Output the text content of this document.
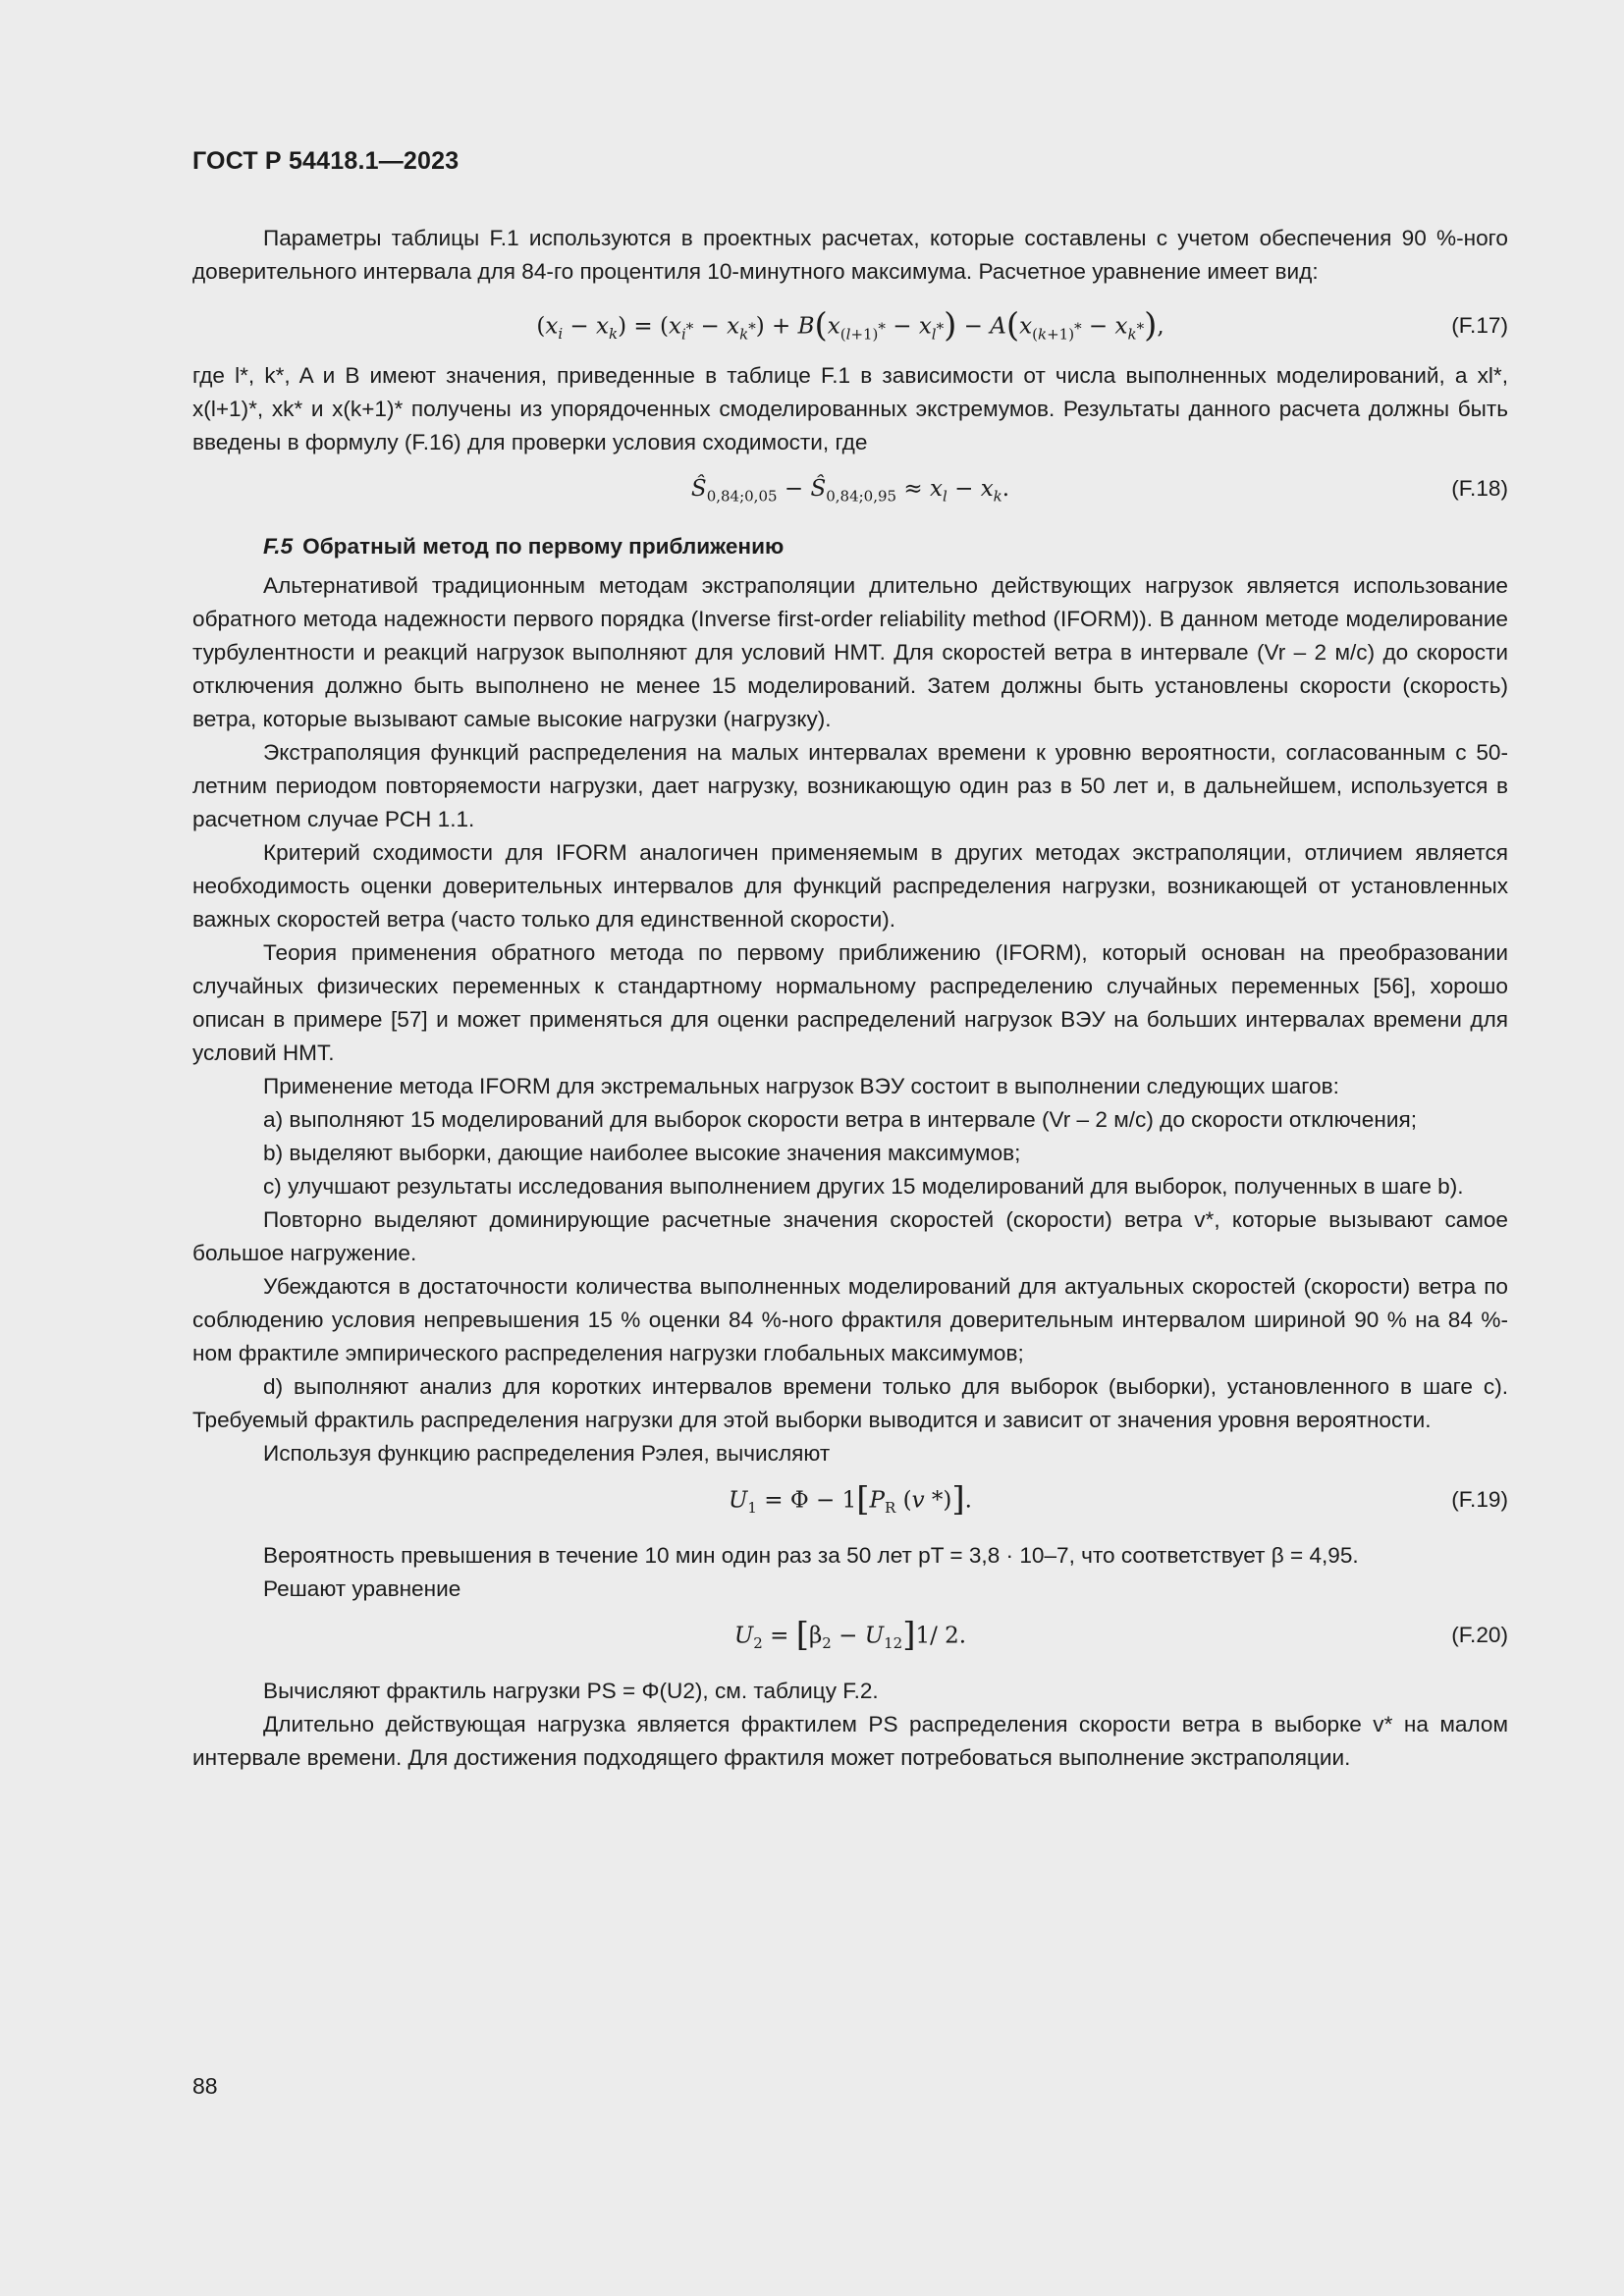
ГОСТ Р 54418.1—2023

Параметры таблицы F.1 используются в проектных расчетах, которые составлены с учетом обеспечения 90 %-ного доверительного интервала для 84-го процентиля 10-минутного максимума. Расчетное уравнение имеет вид:

$(x_i - x_k) = (x_{i^*} - x_{k^*}) + B(x_{(l+1)^*} - x_{l^*}) - A(x_{(k+1)^*} - x_{k^*})$,	(F.17)

где l*, k*, A и B имеют значения, приведенные в таблице F.1 в зависимости от числа выполненных моделирований, а xl*, x(l+1)*, xk* и x(k+1)* получены из упорядоченных смоделированных экстремумов. Результаты данного расчета должны быть введены в формулу (F.16) для проверки условия сходимости, где

$Ŝ_{0,84;0,05}$ − $Ŝ_{0,84;0,95} \approx x_l - x_k$.	(F.18)
F.5 Обратный метод по первому приближению

Альтернативой традиционным методам экстраполяции длительно действующих нагрузок является использование обратного метода надежности первого порядка (Inverse first-order reliability method (IFORM)). В данном методе моделирование турбулентности и реакций нагрузок выполняют для условий НМТ. Для скоростей ветра в интервале (Vr – 2 м/с) до скорости отключения должно быть выполнено не менее 15 моделирований. Затем должны быть установлены скорости (скорость) ветра, которые вызывают самые высокие нагрузки (нагрузку).

Экстраполяция функций распределения на малых интервалах времени к уровню вероятности, согласованным с 50-летним периодом повторяемости нагрузки, дает нагрузку, возникающую один раз в 50 лет и, в дальнейшем, используется в расчетном случае РСН 1.1.

Критерий сходимости для IFORM аналогичен применяемым в других методах экстраполяции, отличием является необходимость оценки доверительных интервалов для функций распределения нагрузки, возникающей от установленных важных скоростей ветра (часто только для единственной скорости).

Теория применения обратного метода по первому приближению (IFORM), который основан на преобразовании случайных физических переменных к стандартному нормальному распределению случайных переменных [56], хорошо описан в примере [57] и может применяться для оценки распределений нагрузок ВЭУ на больших интервалах времени для условий НМТ.

Применение метода IFORM для экстремальных нагрузок ВЭУ состоит в выполнении следующих шагов:

a) выполняют 15 моделирований для выборок скорости ветра в интервале (Vr – 2 м/с) до скорости отключения;

b) выделяют выборки, дающие наиболее высокие значения максимумов;

c) улучшают результаты исследования выполнением других 15 моделирований для выборок, полученных в шаге b).

Повторно выделяют доминирующие расчетные значения скоростей (скорости) ветра v*, которые вызывают самое большое нагружение.

Убеждаются в достаточности количества выполненных моделирований для актуальных скоростей (скорости) ветра по соблюдению условия непревышения 15 % оценки 84 %-ного фрактиля доверительным интервалом шириной 90 % на 84 %-ном фрактиле эмпирического распределения нагрузки глобальных максимумов;

d) выполняют анализ для коротких интервалов времени только для выборок (выборки), установленного в шаге с). Требуемый фрактиль распределения нагрузки для этой выборки выводится и зависит от значения уровня вероятности.

Используя функцию распределения Рэлея, вычисляют

$U_1 = \Phi - 1[P_R$ (v *)].	(F.19)

Вероятность превышения в течение 10 мин один раз за 50 лет pT = 3,8 · 10–7, что соответствует β = 4,95.

Решают уравнение

$U_2 = [\beta_2 - U_{12}]1/$ 2.	(F.20)

Вычисляют фрактиль нагрузки PS = Φ(U2), см. таблицу F.2.

Длительно действующая нагрузка является фрактилем PS распределения скорости ветра в выборке v* на малом интервале времени. Для достижения подходящего фрактиля может потребоваться выполнение экстраполяции.

88
